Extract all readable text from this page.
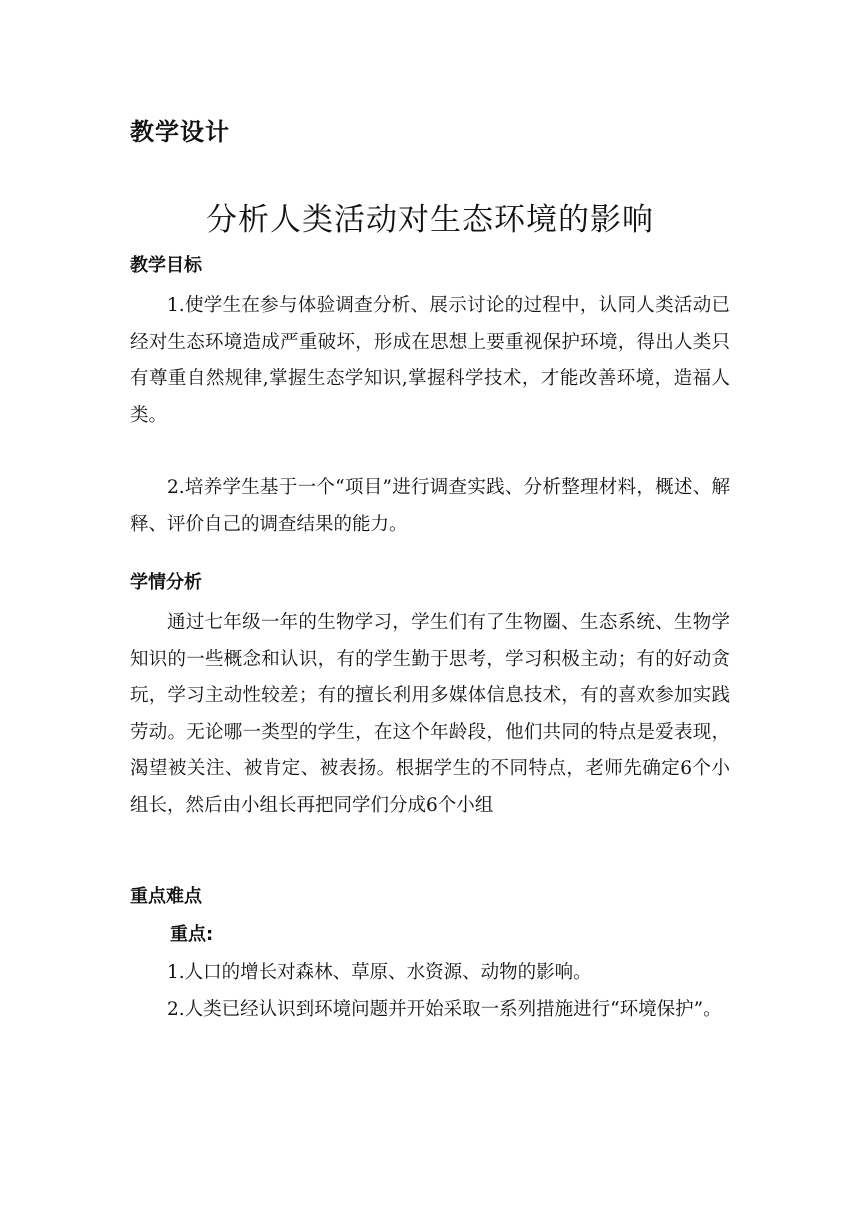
教学设计
分析人类活动对生态环境的影响
教学目标

1.使学生在参与体验调查分析、展示讨论的过程中，认同人类活动已经对生态环境造成严重破坏，形成在思想上要重视保护环境，得出人类只有尊重自然规律,掌握生态学知识,掌握科学技术，才能改善环境，造福人类。

2.培养学生基于一个“项目”进行调查实践、分析整理材料，概述、解释、评价自己的调查结果的能力。

学情分析

通过七年级一年的生物学习，学生们有了生物圈、生态系统、生物学知识的一些概念和认识，有的学生勤于思考，学习积极主动；有的好动贪玩，学习主动性较差；有的擅长利用多媒体信息技术，有的喜欢参加实践劳动。无论哪一类型的学生，在这个年龄段，他们共同的特点是爱表现，渴望被关注、被肯定、被表扬。根据学生的不同特点，老师先确定6个小组长，然后由小组长再把同学们分成6个小组

重点难点
重点:

1.人口的增长对森林、草原、水资源、动物的影响。

2.人类已经认识到环境问题并开始采取一系列措施进行“环境保护”。
